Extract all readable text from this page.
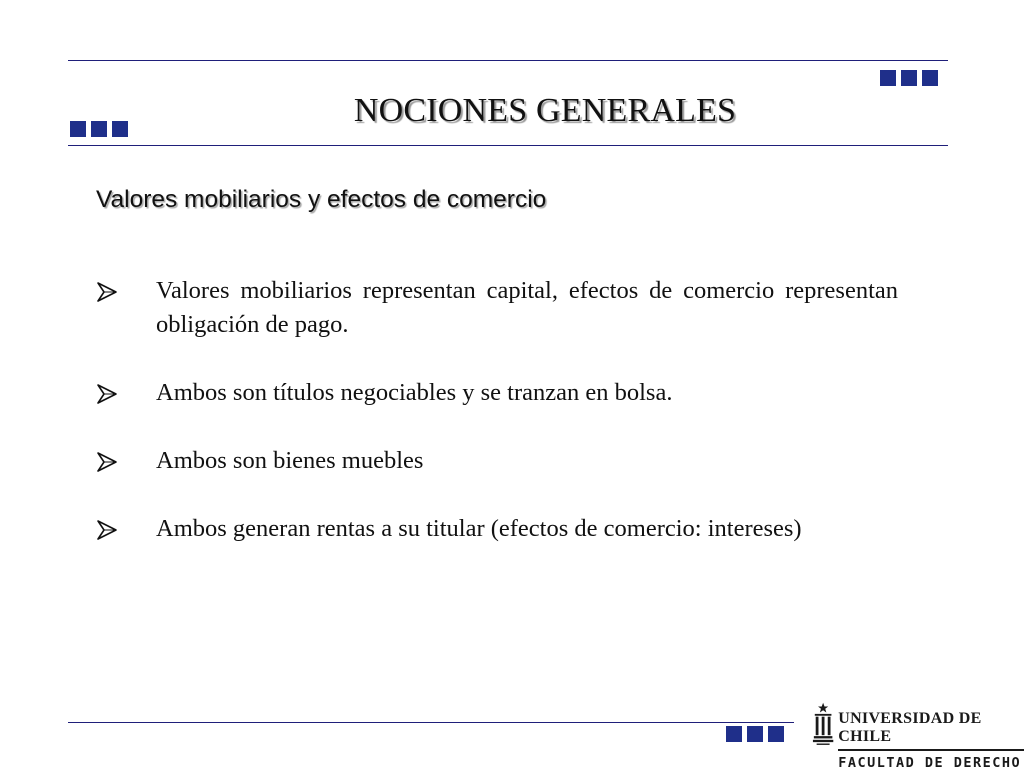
NOCIONES GENERALES
Valores mobiliarios y efectos de comercio
Valores mobiliarios representan capital, efectos de comercio representan obligación de pago.
Ambos son títulos negociables y se tranzan en bolsa.
Ambos son bienes muebles
Ambos generan rentas a su titular (efectos de comercio: intereses)
UNIVERSIDAD DE CHILE
FACULTAD DE DERECHO
